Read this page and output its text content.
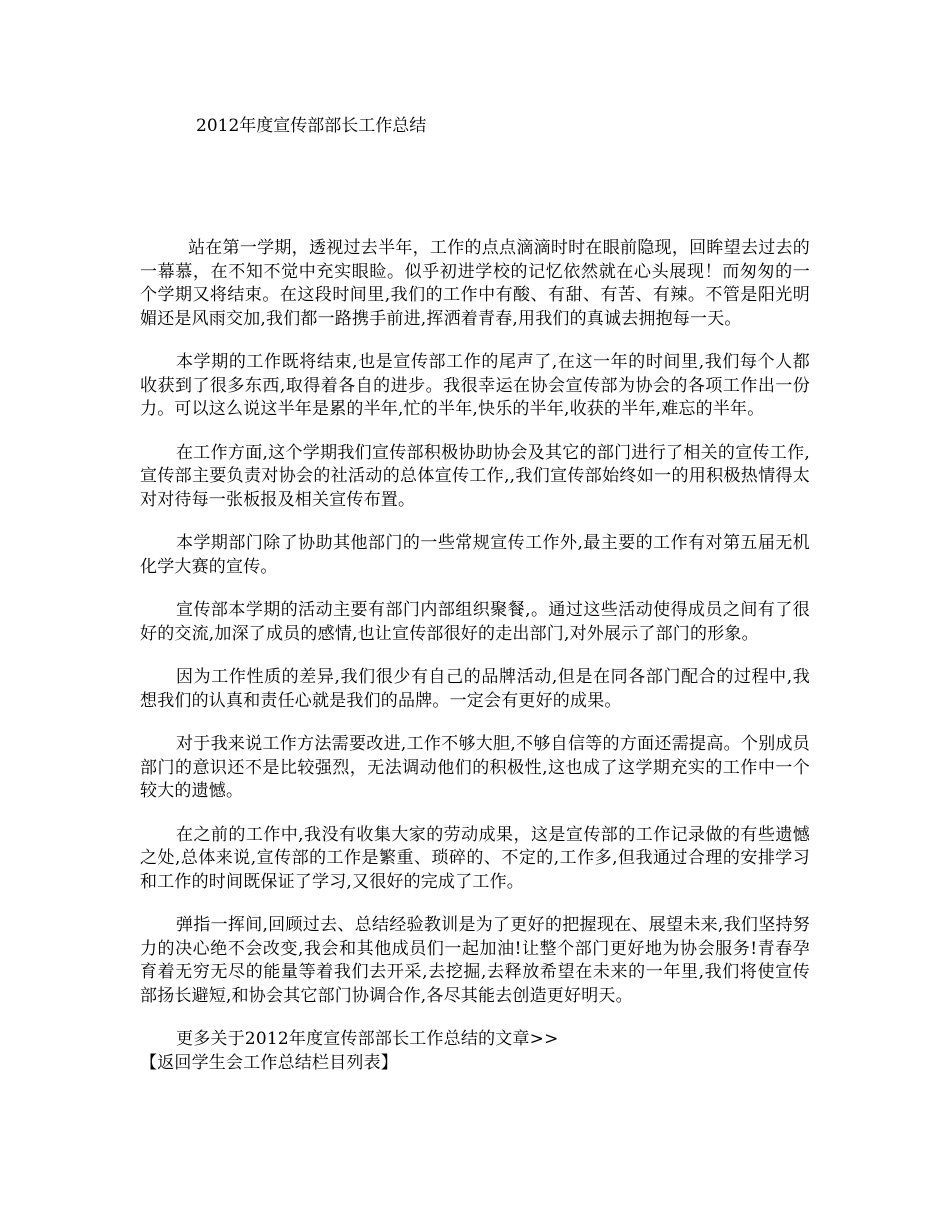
2012年度宣传部部长工作总结

站在第一学期，透视过去半年，工作的点点滴滴时时在眼前隐现，回眸望去过去的一幕慕，在不知不觉中充实眼睑。似乎初进学校的记忆依然就在心头展现！而匆匆的一个学期又将结束。在这段时间里,我们的工作中有酸、有甜、有苦、有辣。不管是阳光明媚还是风雨交加,我们都一路携手前进,挥洒着青春,用我们的真诚去拥抱每一天。

本学期的工作既将结束,也是宣传部工作的尾声了,在这一年的时间里,我们每个人都收获到了很多东西,取得着各自的进步。我很幸运在协会宣传部为协会的各项工作出一份力。可以这么说这半年是累的半年,忙的半年,快乐的半年,收获的半年,难忘的半年。

在工作方面,这个学期我们宣传部积极协助协会及其它的部门进行了相关的宣传工作,宣传部主要负责对协会的社活动的总体宣传工作,,我们宣传部始终如一的用积极热情得太对对待每一张板报及相关宣传布置。

本学期部门除了协助其他部门的一些常规宣传工作外,最主要的工作有对第五届无机化学大赛的宣传。

宣传部本学期的活动主要有部门内部组织聚餐,。通过这些活动使得成员之间有了很好的交流,加深了成员的感情,也让宣传部很好的走出部门,对外展示了部门的形象。

因为工作性质的差异,我们很少有自己的品牌活动,但是在同各部门配合的过程中,我想我们的认真和责任心就是我们的品牌。一定会有更好的成果。

对于我来说工作方法需要改进,工作不够大胆,不够自信等的方面还需提高。个别成员部门的意识还不是比较强烈，无法调动他们的积极性,这也成了这学期充实的工作中一个较大的遗憾。

在之前的工作中,我没有收集大家的劳动成果，这是宣传部的工作记录做的有些遗憾之处,总体来说,宣传部的工作是繁重、琐碎的、不定的,工作多,但我通过合理的安排学习和工作的时间既保证了学习,又很好的完成了工作。

弹指一挥间,回顾过去、总结经验教训是为了更好的把握现在、展望未来,我们坚持努力的决心绝不会改变,我会和其他成员们一起加油!让整个部门更好地为协会服务!青春孕育着无穷无尽的能量等着我们去开采,去挖掘,去释放希望在未来的一年里,我们将使宣传部扬长避短,和协会其它部门协调合作,各尽其能去创造更好明天。

更多关于2012年度宣传部部长工作总结的文章>>【返回学生会工作总结栏目列表】
